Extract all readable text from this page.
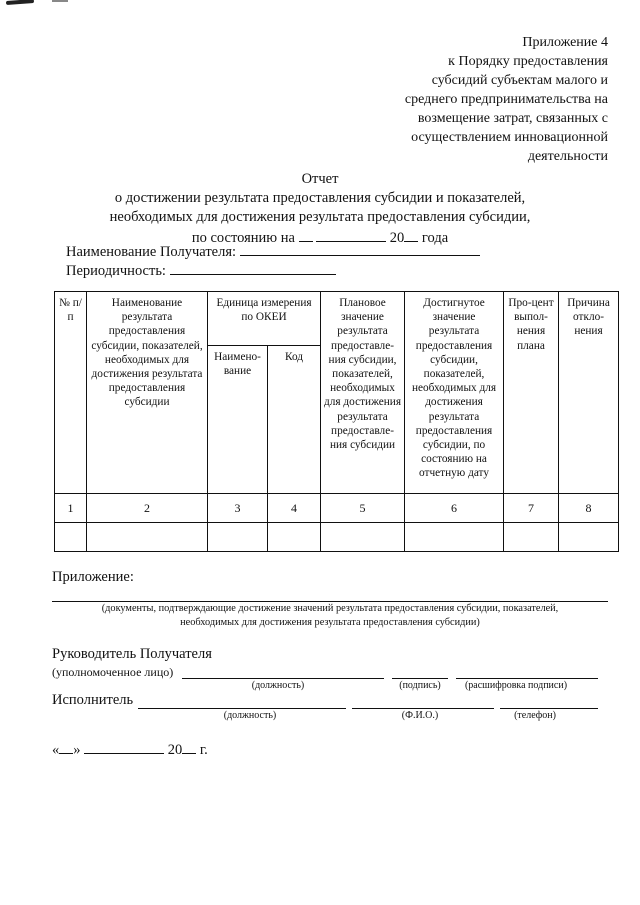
Приложение 4
к Порядку предоставления
субсидий субъектам малого и
среднего предпринимательства на
возмещение затрат, связанных с
осуществлением инновационной
деятельности
Отчет
о достижении результата предоставления субсидии и показателей,
необходимых для достижения результата предоставления субсидии,
по состоянию на	20 года
Наименование Получателя:
Периодичность:
№ п/п	Наименование результата предоставления субсидии, показателей, необходимых для достижения результата предоставления субсидии	Единица измерения по ОКЕИ		Плановое значение результата предоставле-ния субсидии, показателей, необходимых для достижения результата предоставле-ния субсидии	Достигнутое значение результата предоставления субсидии, показателей, необходимых для достижения результата предоставления субсидии, по состоянию на отчетную дату	Про-цент выпол-нения плана	Причина откло-нения
		Наимено-вание	Код				
1	2	3	4	5	6	7	8

Приложение:
(документы, подтверждающие достижение значений результата предоставления субсидии, показателей,
необходимых для достижения результата предоставления субсидии)
Руководитель Получателя
(уполномоченное лицо)
(должность)	(подпись)	(расшифровка подписи)
Исполнитель
(должность)	(Ф.И.О.)	(телефон)
« »	20 г.
